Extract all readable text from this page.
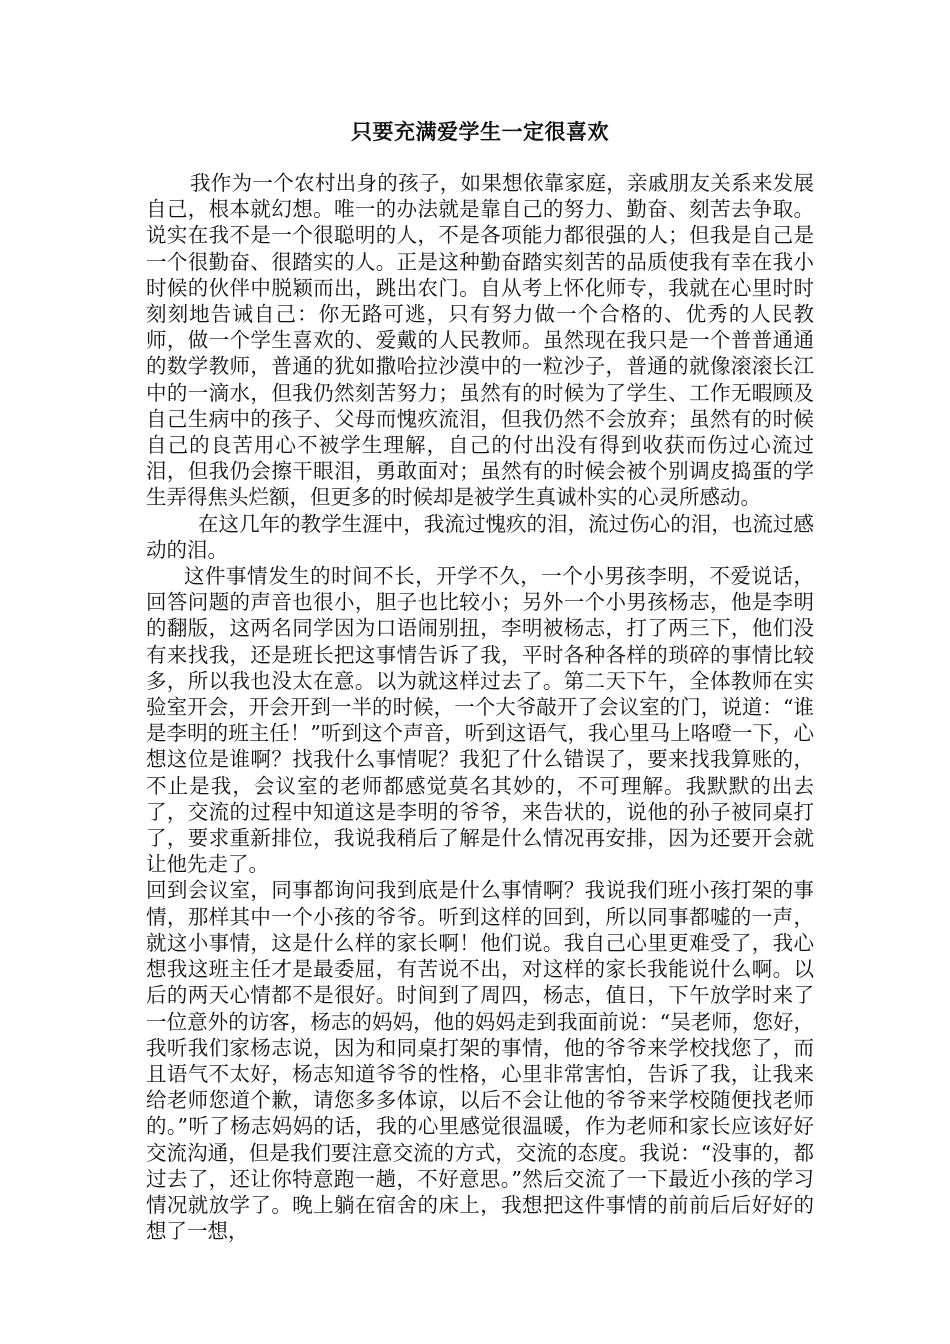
只要充满爱学生一定很喜欢

我作为一个农村出身的孩子，如果想依靠家庭，亲戚朋友关系来发展自己，根本就幻想。唯一的办法就是靠自己的努力、勤奋、刻苦去争取。说实在我不是一个很聪明的人，不是各项能力都很强的人；但我是自己是一个很勤奋、很踏实的人。正是这种勤奋踏实刻苦的品质使我有幸在我小时候的伙伴中脱颖而出，跳出农门。自从考上怀化师专，我就在心里时时刻刻地告诫自己：你无路可逃，只有努力做一个合格的、优秀的人民教师，做一个学生喜欢的、爱戴的人民教师。虽然现在我只是一个普普通通的数学教师，普通的犹如撒哈拉沙漠中的一粒沙子，普通的就像滚滚长江中的一滴水，但我仍然刻苦努力；虽然有的时候为了学生、工作无暇顾及自己生病中的孩子、父母而愧疚流泪，但我仍然不会放弃；虽然有的时候自己的良苦用心不被学生理解，自己的付出没有得到收获而伤过心流过泪，但我仍会擦干眼泪，勇敢面对；虽然有的时候会被个别调皮捣蛋的学生弄得焦头烂额，但更多的时候却是被学生真诚朴实的心灵所感动。

在这几年的教学生涯中，我流过愧疚的泪，流过伤心的泪，也流过感动的泪。

这件事情发生的时间不长，开学不久，一个小男孩李明，不爱说话，回答问题的声音也很小，胆子也比较小；另外一个小男孩杨志，他是李明的翻版，这两名同学因为口语闹别扭，李明被杨志，打了两三下，他们没有来找我，还是班长把这事情告诉了我，平时各种各样的琐碎的事情比较多，所以我也没太在意。以为就这样过去了。第二天下午，全体教师在实验室开会，开会开到一半的时候，一个大爷敲开了会议室的门，说道：“谁是李明的班主任！”听到这个声音，听到这语气，我心里马上咯噔一下，心想这位是谁啊？找我什么事情呢？我犯了什么错误了，要来找我算账的，不止是我，会议室的老师都感觉莫名其妙的，不可理解。我默默的出去了，交流的过程中知道这是李明的爷爷，来告状的，说他的孙子被同桌打了，要求重新排位，我说我稍后了解是什么情况再安排，因为还要开会就让他先走了。

回到会议室，同事都询问我到底是什么事情啊？我说我们班小孩打架的事情，那样其中一个小孩的爷爷。听到这样的回到，所以同事都嘘的一声，就这小事情，这是什么样的家长啊！他们说。我自己心里更难受了，我心想我这班主任才是最委屈，有苦说不出，对这样的家长我能说什么啊。以后的两天心情都不是很好。时间到了周四，杨志，值日，下午放学时来了一位意外的访客，杨志的妈妈，他的妈妈走到我面前说：“吴老师，您好，我听我们家杨志说，因为和同桌打架的事情，他的爷爷来学校找您了，而且语气不太好，杨志知道爷爷的性格，心里非常害怕，告诉了我，让我来给老师您道个歉，请您多多体谅，以后不会让他的爷爷来学校随便找老师的。”听了杨志妈妈的话，我的心里感觉很温暖，作为老师和家长应该好好交流沟通，但是我们要注意交流的方式，交流的态度。我说：“没事的，都过去了，还让你特意跑一趟，不好意思。”然后交流了一下最近小孩的学习情况就放学了。晚上躺在宿舍的床上，我想把这件事情的前前后后好好的想了一想，
